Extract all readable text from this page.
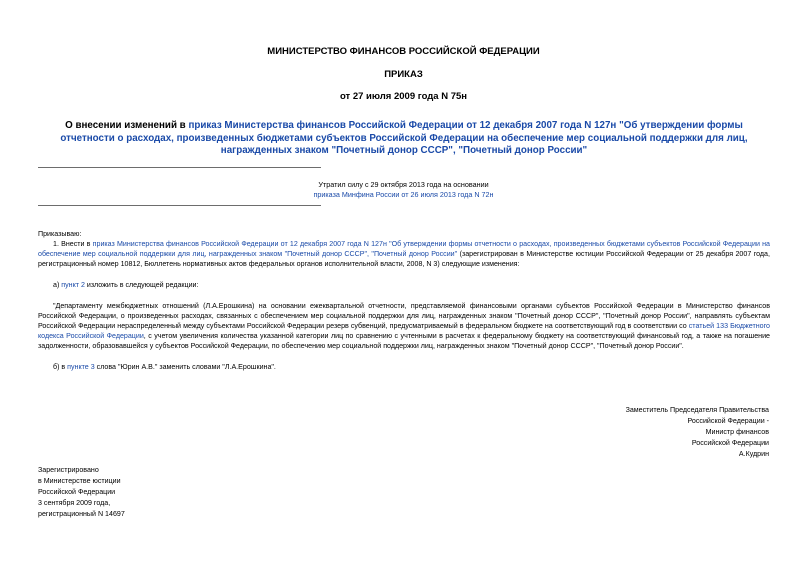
МИНИСТЕРСТВО ФИНАНСОВ РОССИЙСКОЙ ФЕДЕРАЦИИ
ПРИКАЗ
от 27 июля 2009 года N 75н
О внесении изменений в приказ Министерства финансов Российской Федерации от 12 декабря 2007 года N 127н "Об утверждении формы отчетности о расходах, произведенных бюджетами субъектов Российской Федерации на обеспечение мер социальной поддержки для лиц, награжденных знаком "Почетный донор СССР", "Почетный донор России"
Утратил силу с 29 октября 2013 года на основании
приказа Минфина России от 26 июля 2013 года N 72н
Приказываю:
1. Внести в приказ Министерства финансов Российской Федерации от 12 декабря 2007 года N 127н "Об утверждении формы отчетности о расходах, произведенных бюджетами субъектов Российской Федерации на обеспечение мер социальной поддержки для лиц, награжденных знаком "Почетный донор СССР", "Почетный донор России" (зарегистрирован в Министерстве юстиции Российской Федерации от 25 декабря 2007 года, регистрационный номер 10812, Бюллетень нормативных актов федеральных органов исполнительной власти, 2008, N 3) следующие изменения:
а) пункт 2 изложить в следующей редакции:
"Департаменту межбюджетных отношений (Л.А.Ерошкина) на основании ежеквартальной отчетности, представляемой финансовыми органами субъектов Российской Федерации в Министерство финансов Российской Федерации, о произведенных расходах, связанных с обеспечением мер социальной поддержки для лиц, награжденных знаком "Почетный донор СССР", "Почетный донор России", направлять субъектам Российской Федерации нераспределенный между субъектами Российской Федерации резерв субвенций, предусматриваемый в федеральном бюджете на соответствующий год в соответствии со статьей 133 Бюджетного кодекса Российской Федерации, с учетом увеличения количества указанной категории лиц по сравнению с учтенными в расчетах к федеральному бюджету на соответствующий финансовый год, а также на погашение задолженности, образовавшейся у субъектов Российской Федерации, по обеспечению мер социальной поддержки лиц, награжденных знаком "Почетный донор СССР", "Почетный донор России".
б) в пункте 3 слова "Юрин А.В." заменить словами "Л.А.Ерошкина".
Заместитель Председателя Правительства
Российской Федерации -
Министр финансов
Российской Федерации
А.Кудрин
Зарегистрировано
в Министерстве юстиции
Российской Федерации
3 сентября 2009 года,
регистрационный N 14697
